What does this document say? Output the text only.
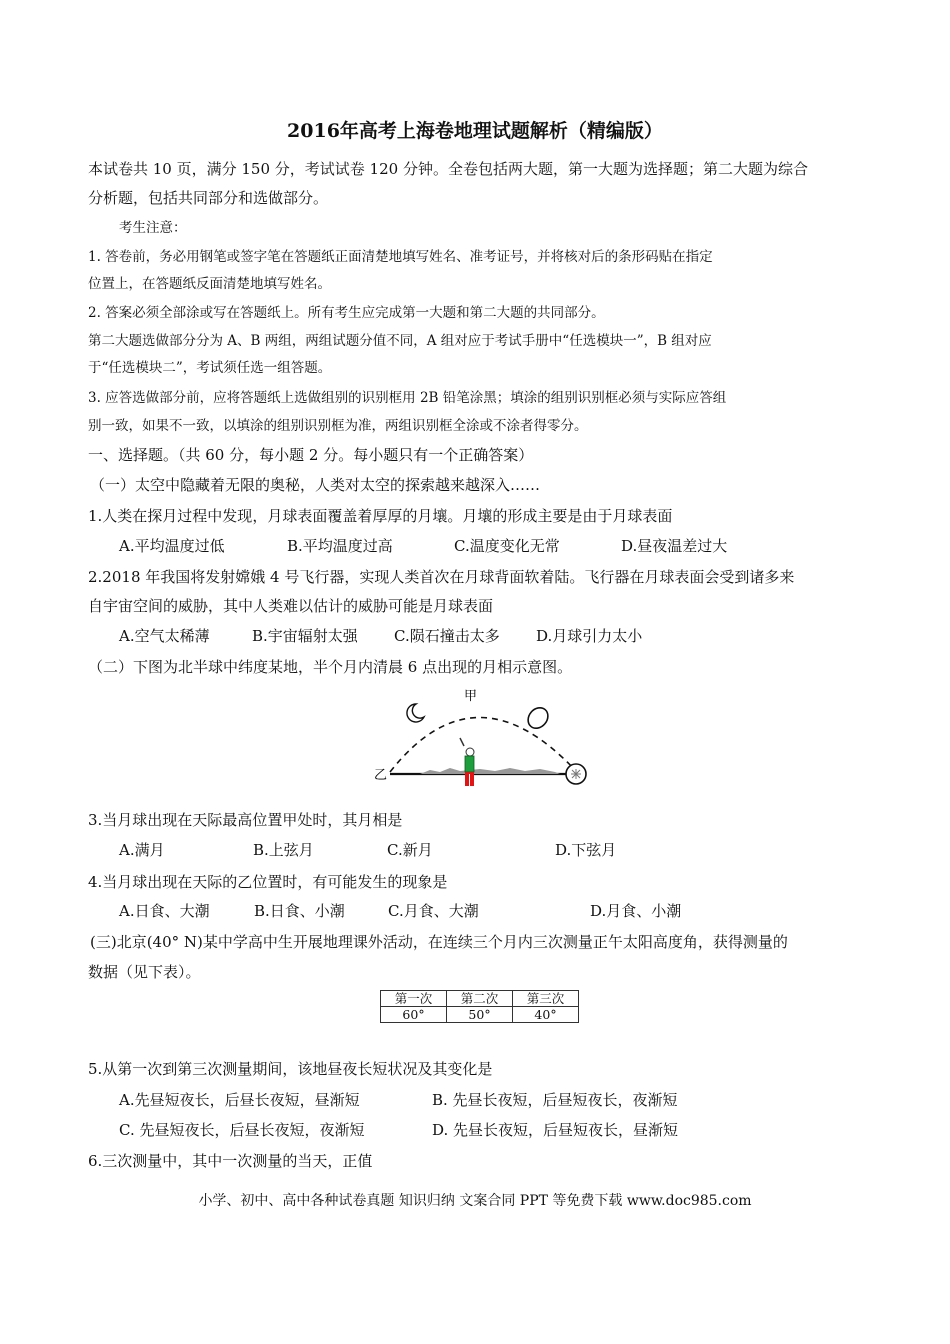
2016年高考上海卷地理试题解析（精编版）
本试卷共 10 页，满分 150 分，考试试卷 120 分钟。全卷包括两大题，第一大题为选择题；第二大题为综合
分析题，包括共同部分和选做部分。
考生注意：
1. 答卷前，务必用钢笔或签字笔在答题纸正面清楚地填写姓名、准考证号，并将核对后的条形码贴在指定
位置上，在答题纸反面清楚地填写姓名。
2. 答案必须全部涂或写在答题纸上。所有考生应完成第一大题和第二大题的共同部分。
第二大题选做部分分为 A、B 两组，两组试题分值不同，A 组对应于考试手册中“任选模块一”，B 组对应
于“任选模块二”，考试须任选一组答题。
3. 应答选做部分前，应将答题纸上选做组别的识别框用 2B 铅笔涂黑；填涂的组别识别框必须与实际应答组
别一致，如果不一致，以填涂的组别识别框为准，两组识别框全涂或不涂者得零分。
一、选择题。（共 60 分，每小题 2 分。每小题只有一个正确答案）
（一）太空中隐藏着无限的奥秘，人类对太空的探索越来越深入……
1.人类在探月过程中发现，月球表面覆盖着厚厚的月壤。月壤的形成主要是由于月球表面
A.平均温度过低	B.平均温度过高	C.温度变化无常	D.昼夜温差过大
2.2018 年我国将发射嫦娥 4 号飞行器，实现人类首次在月球背面软着陆。飞行器在月球表面会受到诸多来
自宇宙空间的威胁，其中人类难以估计的威胁可能是月球表面
A.空气太稀薄	B.宇宙辐射太强 C.陨石撞击太多 D.月球引力太小
（二）下图为北半球中纬度某地，半个月内清晨 6 点出现的月相示意图。
甲
乙
3.当月球出现在天际最高位置甲处时，其月相是
A.满月	B.上弦月	C.新月	D.下弦月
4.当月球出现在天际的乙位置时，有可能发生的现象是
A.日食、大潮	B.日食、小潮	C.月食、大潮	D.月食、小潮
(三)北京(40° N)某中学高中生开展地理课外活动，在连续三个月内三次测量正午太阳高度角，获得测量的
数据（见下表）。
第一次	第二次	第三次
60°	50°	40°
5.从第一次到第三次测量期间，该地昼夜长短状况及其变化是
A.先昼短夜长，后昼长夜短，昼渐短	B. 先昼长夜短，后昼短夜长，夜渐短
C. 先昼短夜长，后昼长夜短，夜渐短	D. 先昼长夜短，后昼短夜长，昼渐短
6.三次测量中，其中一次测量的当天，正值
小学、初中、高中各种试卷真题 知识归纳 文案合同 PPT 等免费下载 www.doc985.com
